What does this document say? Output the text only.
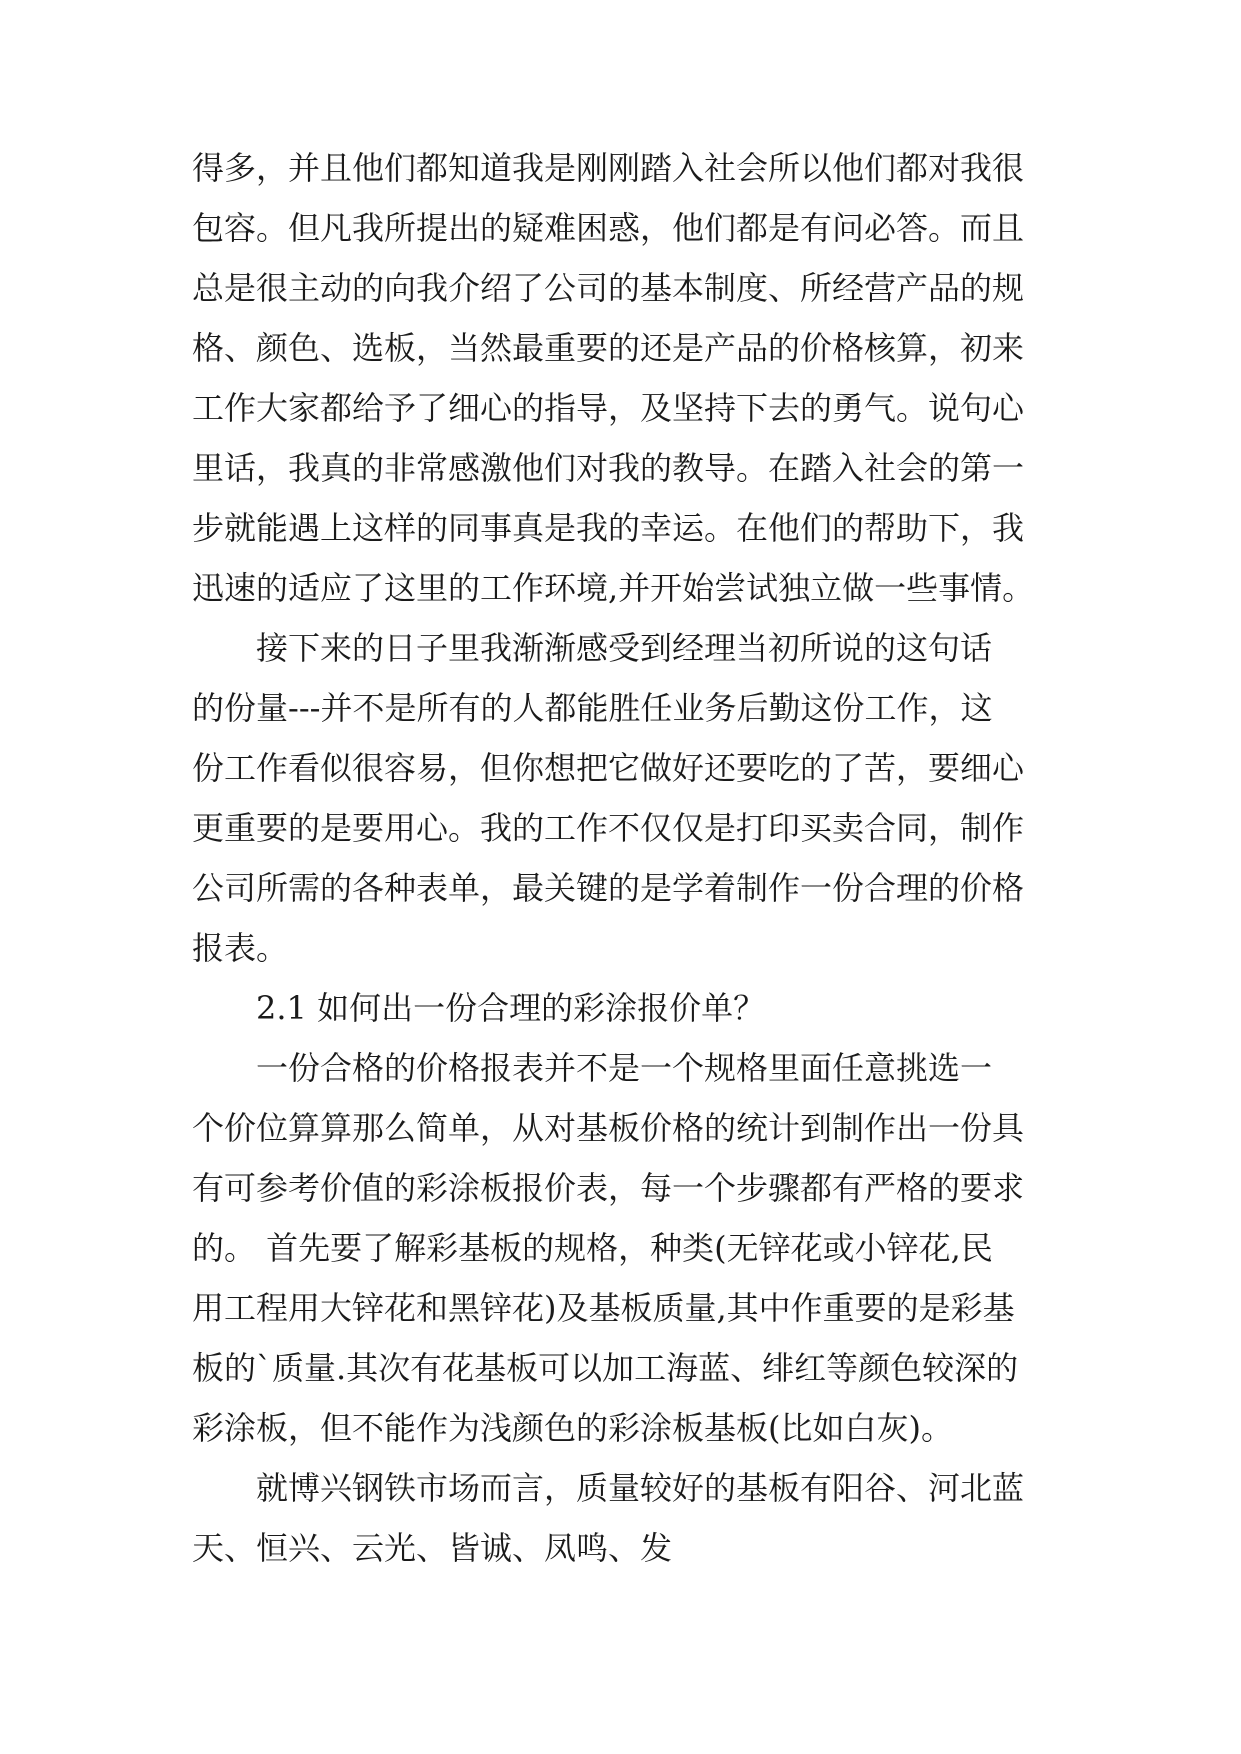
得多，并且他们都知道我是刚刚踏入社会所以他们都对我很
包容。但凡我所提出的疑难困惑，他们都是有问必答。而且
总是很主动的向我介绍了公司的基本制度、所经营产品的规
格、颜色、选板，当然最重要的还是产品的价格核算，初来
工作大家都给予了细心的指导，及坚持下去的勇气。说句心
里话，我真的非常感激他们对我的教导。在踏入社会的第一
步就能遇上这样的同事真是我的幸运。在他们的帮助下，我
迅速的适应了这里的工作环境,并开始尝试独立做一些事情。
接下来的日子里我渐渐感受到经理当初所说的这句话
的份量---并不是所有的人都能胜任业务后勤这份工作，这
份工作看似很容易，但你想把它做好还要吃的了苦，要细心
更重要的是要用心。我的工作不仅仅是打印买卖合同，制作
公司所需的各种表单，最关键的是学着制作一份合理的价格
报表。
2.1 如何出一份合理的彩涂报价单？
一份合格的价格报表并不是一个规格里面任意挑选一
个价位算算那么简单，从对基板价格的统计到制作出一份具
有可参考价值的彩涂板报价表，每一个步骤都有严格的要求
的。 首先要了解彩基板的规格，种类(无锌花或小锌花,民
用工程用大锌花和黑锌花)及基板质量,其中作重要的是彩基
板的`质量.其次有花基板可以加工海蓝、绯红等颜色较深的
彩涂板，但不能作为浅颜色的彩涂板基板(比如白灰)。
就博兴钢铁市场而言，质量较好的基板有阳谷、河北蓝
天、恒兴、云光、皆诚、凤鸣、发
